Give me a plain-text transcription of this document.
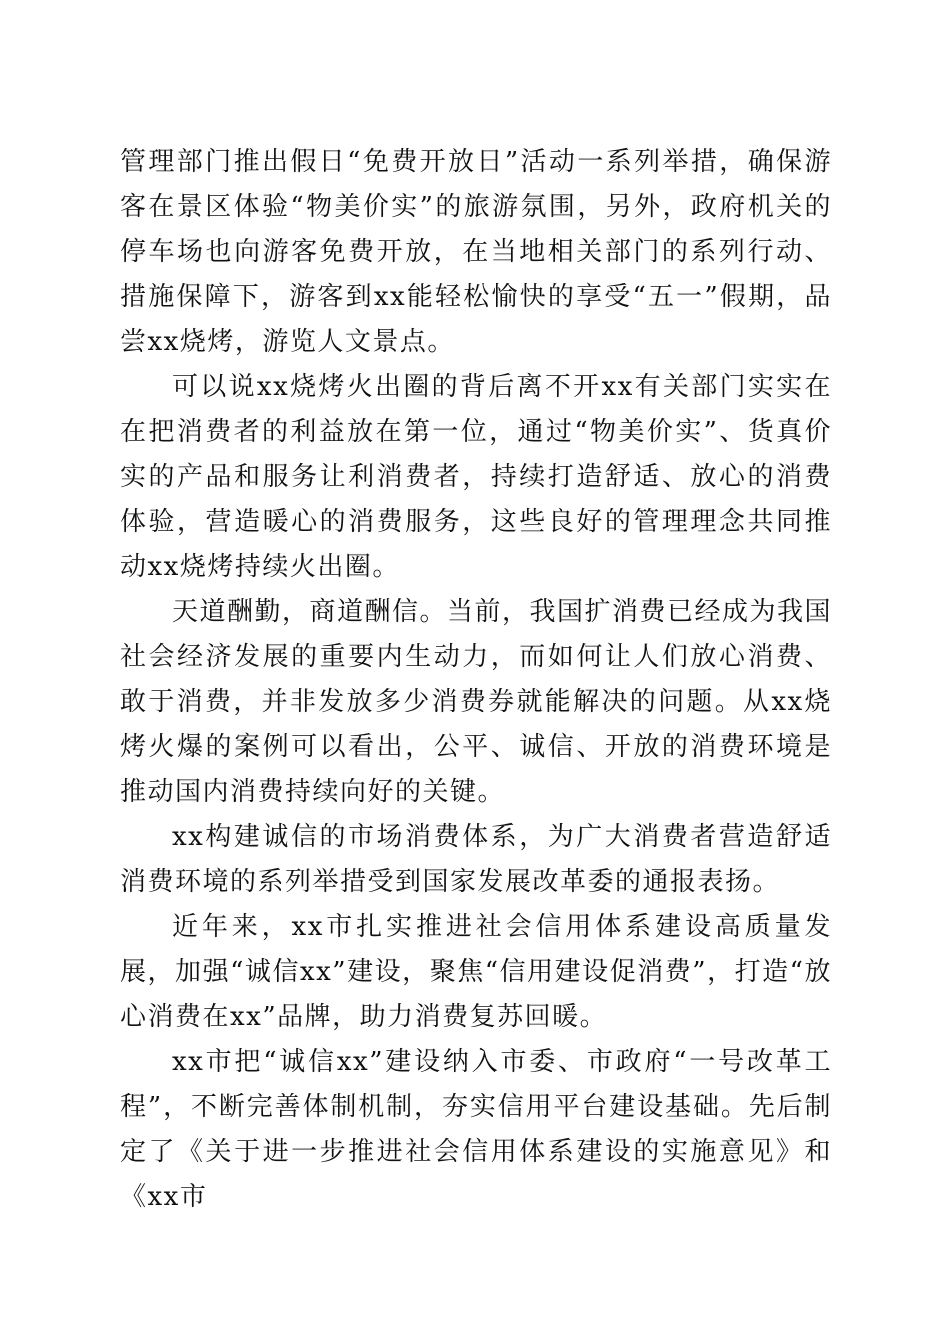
管理部门推出假日“免费开放日”活动一系列举措，确保游客在景区体验“物美价实”的旅游氛围，另外，政府机关的停车场也向游客免费开放，在当地相关部门的系列行动、措施保障下，游客到xx能轻松愉快的享受“五一”假期，品尝xx烧烤，游览人文景点。

可以说xx烧烤火出圈的背后离不开xx有关部门实实在在把消费者的利益放在第一位，通过“物美价实”、货真价实的产品和服务让利消费者，持续打造舒适、放心的消费体验，营造暖心的消费服务，这些良好的管理理念共同推动xx烧烤持续火出圈。

天道酬勤，商道酬信。当前，我国扩消费已经成为我国社会经济发展的重要内生动力，而如何让人们放心消费、敢于消费，并非发放多少消费券就能解决的问题。从xx烧烤火爆的案例可以看出，公平、诚信、开放的消费环境是推动国内消费持续向好的关键。

xx构建诚信的市场消费体系，为广大消费者营造舒适消费环境的系列举措受到国家发展改革委的通报表扬。

近年来，xx市扎实推进社会信用体系建设高质量发展，加强“诚信xx”建设，聚焦“信用建设促消费”，打造“放心消费在xx”品牌，助力消费复苏回暖。

xx市把“诚信xx”建设纳入市委、市政府“一号改革工程”，不断完善体制机制，夯实信用平台建设基础。先后制定了《关于进一步推进社会信用体系建设的实施意见》和《xx市
